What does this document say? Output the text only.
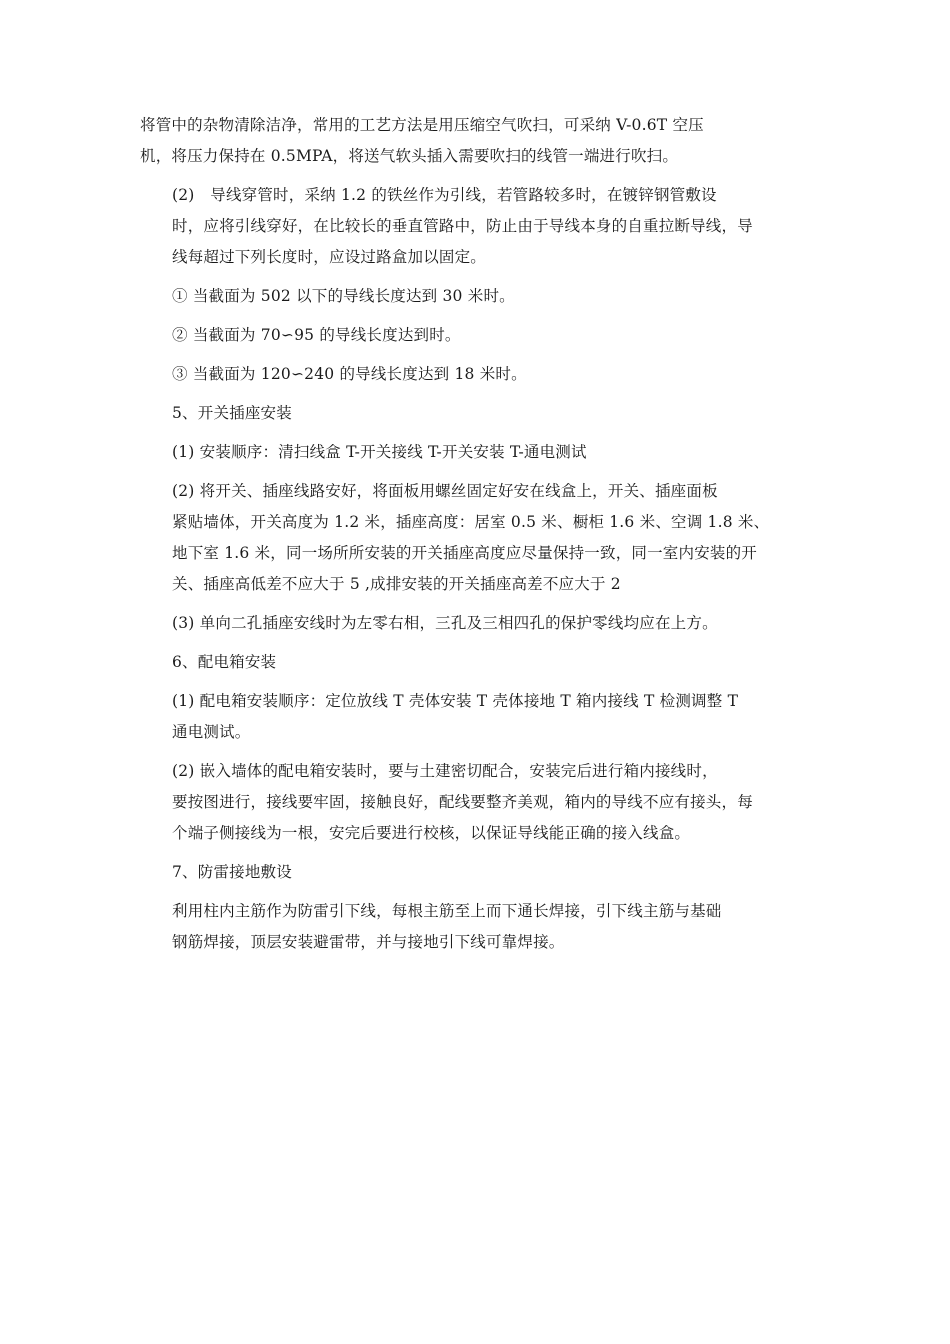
将管中的杂物清除洁净，常用的工艺方法是用压缩空气吹扫，可采纳 V-0.6T 空压
机，将压力保持在 0.5MPA，将送气软头插入需要吹扫的线管一端进行吹扫。

(2)　导线穿管时，采纳 1.2 的铁丝作为引线，若管路较多时，在镀锌钢管敷设
时，应将引线穿好，在比较长的垂直管路中，防止由于导线本身的自重拉断导线，导
线每超过下列长度时，应设过路盒加以固定。

① 当截面为 502 以下的导线长度达到 30 米时。

② 当截面为 70∽95 的导线长度达到时。

③ 当截面为 120∽240 的导线长度达到 18 米时。

5、开关插座安装

(1) 安装顺序：清扫线盒 T-开关接线 T-开关安装 T-通电测试

(2) 将开关、插座线路安好，将面板用螺丝固定好安在线盒上，开关、插座面板
紧贴墙体，开关高度为 1.2 米，插座高度：居室 0.5 米、橱柜 1.6 米、空调 1.8 米、
地下室 1.6 米，同一场所所安装的开关插座高度应尽量保持一致，同一室内安装的开
关、插座高低差不应大于 5 ,成排安装的开关插座高差不应大于 2

(3) 单向二孔插座安线时为左零右相，三孔及三相四孔的保护零线均应在上方。

6、配电箱安装

(1) 配电箱安装顺序：定位放线 T 壳体安装 T 壳体接地 T 箱内接线 T 检测调整 T
通电测试。

(2) 嵌入墙体的配电箱安装时，要与土建密切配合，安装完后进行箱内接线时，
要按图进行，接线要牢固，接触良好，配线要整齐美观，箱内的导线不应有接头，每
个端子侧接线为一根，安完后要进行校核，以保证导线能正确的接入线盒。

7、防雷接地敷设

利用柱内主筋作为防雷引下线，每根主筋至上而下通长焊接，引下线主筋与基础
钢筋焊接，顶层安装避雷带，并与接地引下线可靠焊接。
